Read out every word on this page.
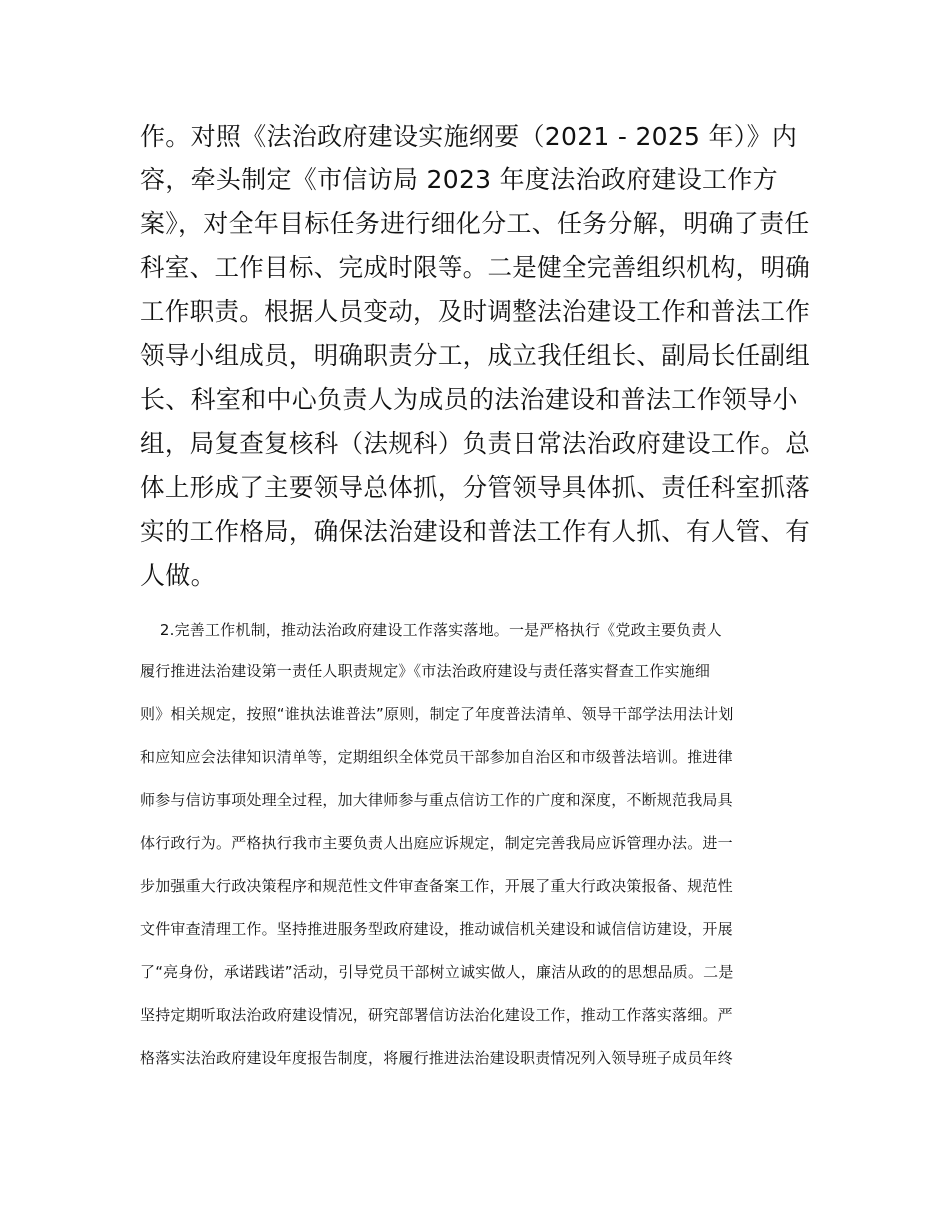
作。对照《法治政府建设实施纲要（2021 - 2025 年）》内
容，牵头制定《市信访局 2023 年度法治政府建设工作方
案》，对全年目标任务进行细化分工、任务分解，明确了责任
科室、工作目标、完成时限等。二是健全完善组织机构，明确
工作职责。根据人员变动，及时调整法治建设工作和普法工作
领导小组成员，明确职责分工，成立我任组长、副局长任副组
长、科室和中心负责人为成员的法治建设和普法工作领导小
组，局复查复核科（法规科）负责日常法治政府建设工作。总
体上形成了主要领导总体抓，分管领导具体抓、责任科室抓落
实的工作格局，确保法治建设和普法工作有人抓、有人管、有
人做。
2.完善工作机制，推动法治政府建设工作落实落地。一是严格执行《党政主要负责人
履行推进法治建设第一责任人职责规定》《市法治政府建设与责任落实督查工作实施细
则》相关规定，按照“谁执法谁普法”原则，制定了年度普法清单、领导干部学法用法计划
和应知应会法律知识清单等，定期组织全体党员干部参加自治区和市级普法培训。推进律
师参与信访事项处理全过程，加大律师参与重点信访工作的广度和深度，不断规范我局具
体行政行为。严格执行我市主要负责人出庭应诉规定，制定完善我局应诉管理办法。进一
步加强重大行政决策程序和规范性文件审查备案工作，开展了重大行政决策报备、规范性
文件审查清理工作。坚持推进服务型政府建设，推动诚信机关建设和诚信信访建设，开展
了“亮身份，承诺践诺”活动，引导党员干部树立诚实做人，廉洁从政的的思想品质。二是
坚持定期听取法治政府建设情况，研究部署信访法治化建设工作，推动工作落实落细。严
格落实法治政府建设年度报告制度，将履行推进法治建设职责情况列入领导班子成员年终
